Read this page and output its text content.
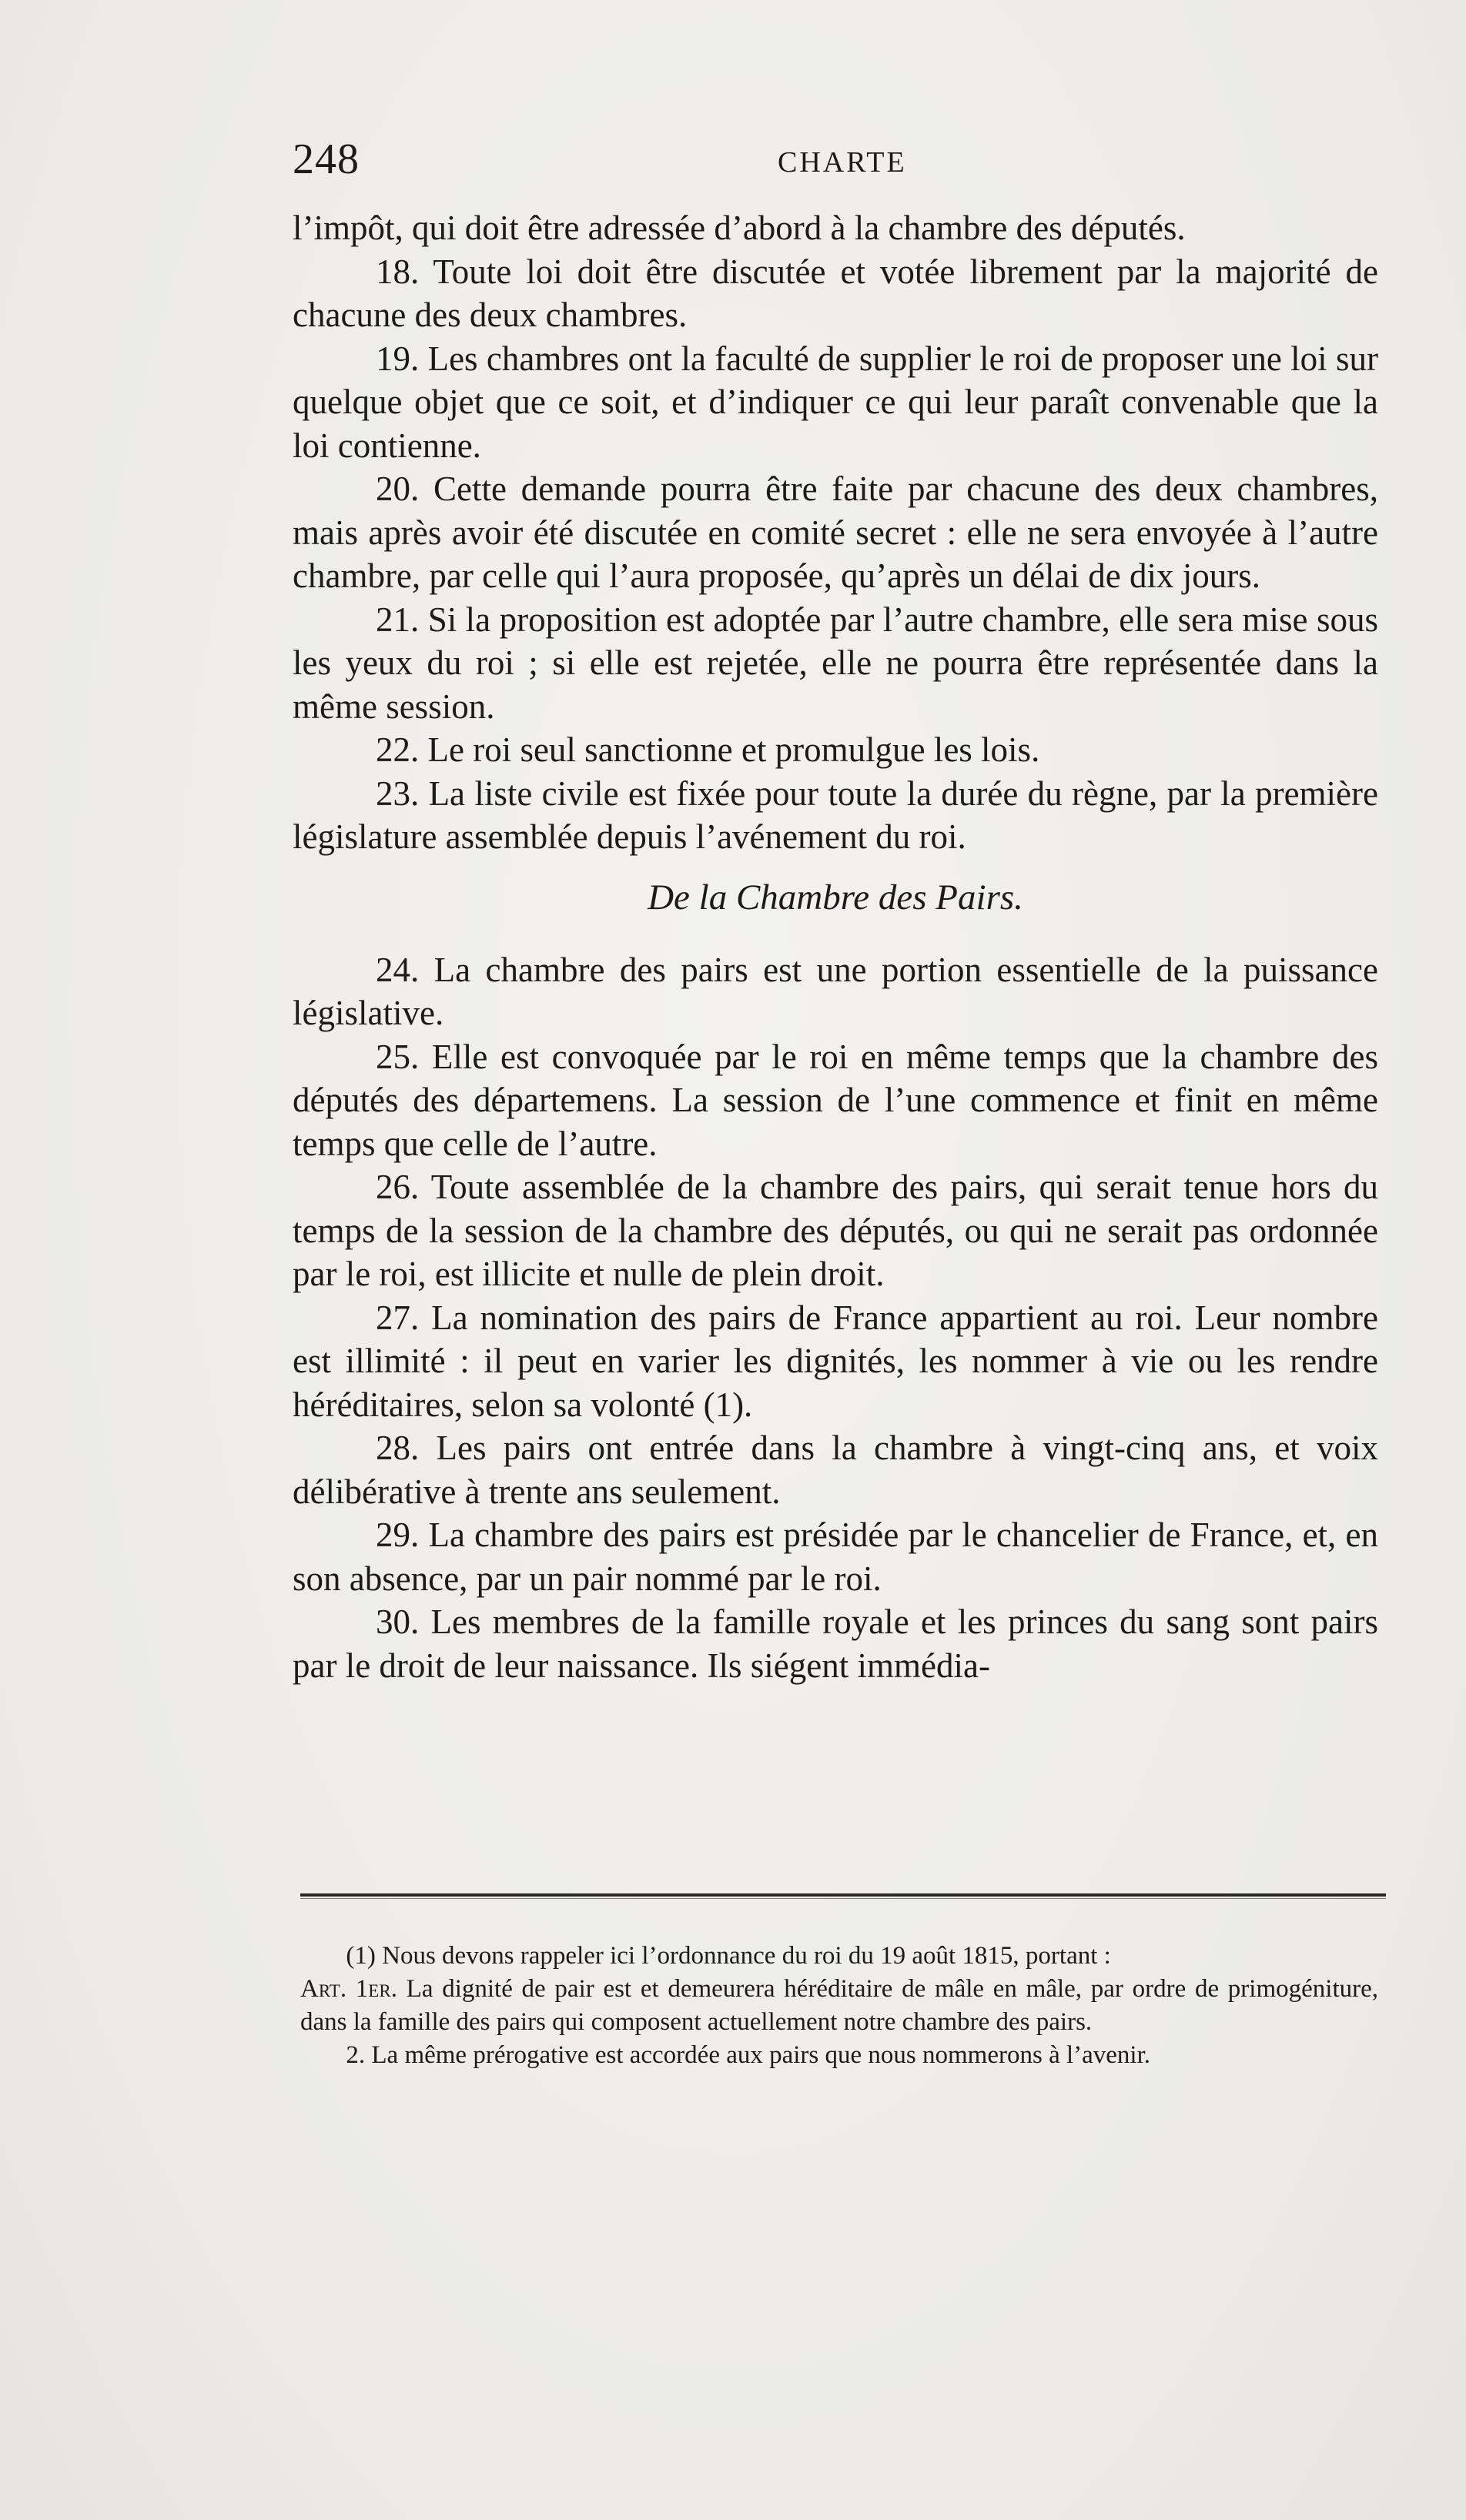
248	CHARTE

l’impôt, qui doit être adressée d’abord à la chambre des députés.

18. Toute loi doit être discutée et votée librement par la majorité de chacune des deux chambres.

19. Les chambres ont la faculté de supplier le roi de proposer une loi sur quelque objet que ce soit, et d’indiquer ce qui leur paraît convenable que la loi contienne.

20. Cette demande pourra être faite par chacune des deux chambres, mais après avoir été discutée en comité secret : elle ne sera envoyée à l’autre chambre, par celle qui l’aura proposée, qu’après un délai de dix jours.

21. Si la proposition est adoptée par l’autre chambre, elle sera mise sous les yeux du roi ; si elle est rejetée, elle ne pourra être représentée dans la même session.

22. Le roi seul sanctionne et promulgue les lois.

23. La liste civile est fixée pour toute la durée du règne, par la première législature assemblée depuis l’avénement du roi.

De la Chambre des Pairs.

24. La chambre des pairs est une portion essentielle de la puissance législative.

25. Elle est convoquée par le roi en même temps que la chambre des députés des départemens. La session de l’une commence et finit en même temps que celle de l’autre.

26. Toute assemblée de la chambre des pairs, qui serait tenue hors du temps de la session de la chambre des députés, ou qui ne serait pas ordonnée par le roi, est illicite et nulle de plein droit.

27. La nomination des pairs de France appartient au roi. Leur nombre est illimité : il peut en varier les dignités, les nommer à vie ou les rendre héréditaires, selon sa volonté (1).

28. Les pairs ont entrée dans la chambre à vingt-cinq ans, et voix délibérative à trente ans seulement.

29. La chambre des pairs est présidée par le chancelier de France, et, en son absence, par un pair nommé par le roi.

30. Les membres de la famille royale et les princes du sang sont pairs par le droit de leur naissance. Ils siégent immédia-

(1) Nous devons rappeler ici l’ordonnance du roi du 19 août 1815, portant :

Art. 1er. La dignité de pair est et demeurera héréditaire de mâle en mâle, par ordre de primogéniture, dans la famille des pairs qui composent actuellement notre chambre des pairs.

2. La même prérogative est accordée aux pairs que nous nommerons à l’avenir.
